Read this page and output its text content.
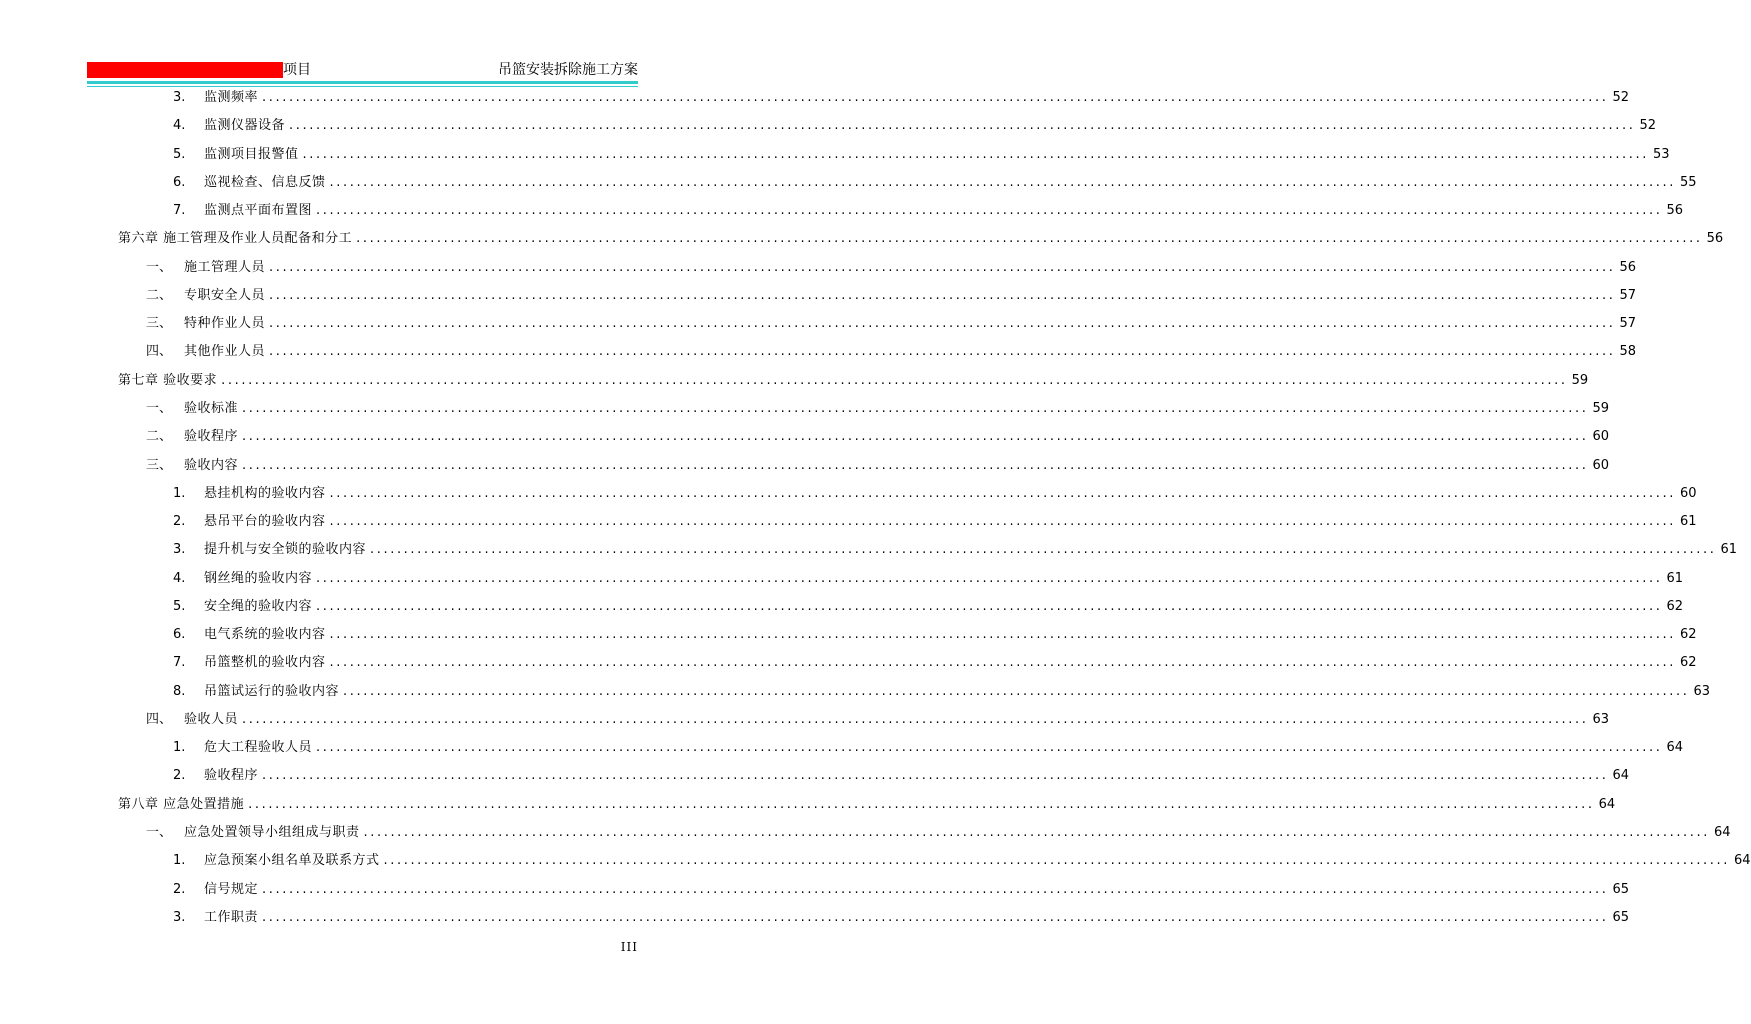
项目	吊篮安装拆除施工方案
3.	监测频率 ........................................................................................................................................................................................................ 52
4.	监测仪器设备 ........................................................................................................................................................................................................ 52
5.	监测项目报警值 ........................................................................................................................................................................................................ 53
6.	巡视检查、信息反馈 ........................................................................................................................................................................................................ 55
7.	监测点平面布置图 ........................................................................................................................................................................................................ 56
第六章 施工管理及作业人员配备和分工 ........................................................................................................................................................................................................ 56
一、 施工管理人员 ........................................................................................................................................................................................................ 56
二、 专职安全人员 ........................................................................................................................................................................................................ 57
三、 特种作业人员 ........................................................................................................................................................................................................ 57
四、 其他作业人员 ........................................................................................................................................................................................................ 58
第七章 验收要求 ........................................................................................................................................................................................................ 59
一、 验收标准 ........................................................................................................................................................................................................ 59
二、 验收程序 ........................................................................................................................................................................................................ 60
三、 验收内容 ........................................................................................................................................................................................................ 60
1.	悬挂机构的验收内容 ........................................................................................................................................................................................................ 60
2.	悬吊平台的验收内容 ........................................................................................................................................................................................................ 61
3.	提升机与安全锁的验收内容 ........................................................................................................................................................................................................ 61
4.	钢丝绳的验收内容 ........................................................................................................................................................................................................ 61
5.	安全绳的验收内容 ........................................................................................................................................................................................................ 62
6.	电气系统的验收内容 ........................................................................................................................................................................................................ 62
7.	吊篮整机的验收内容 ........................................................................................................................................................................................................ 62
8.	吊篮试运行的验收内容 ........................................................................................................................................................................................................ 63
四、 验收人员 ........................................................................................................................................................................................................ 63
1.	危大工程验收人员 ........................................................................................................................................................................................................ 64
2.	验收程序 ........................................................................................................................................................................................................ 64
第八章 应急处置措施 ........................................................................................................................................................................................................ 64
一、 应急处置领导小组组成与职责 ........................................................................................................................................................................................................ 64
1.	应急预案小组名单及联系方式 ........................................................................................................................................................................................................ 64
2.	信号规定 ........................................................................................................................................................................................................ 65
3.	工作职责 ........................................................................................................................................................................................................ 65
III
